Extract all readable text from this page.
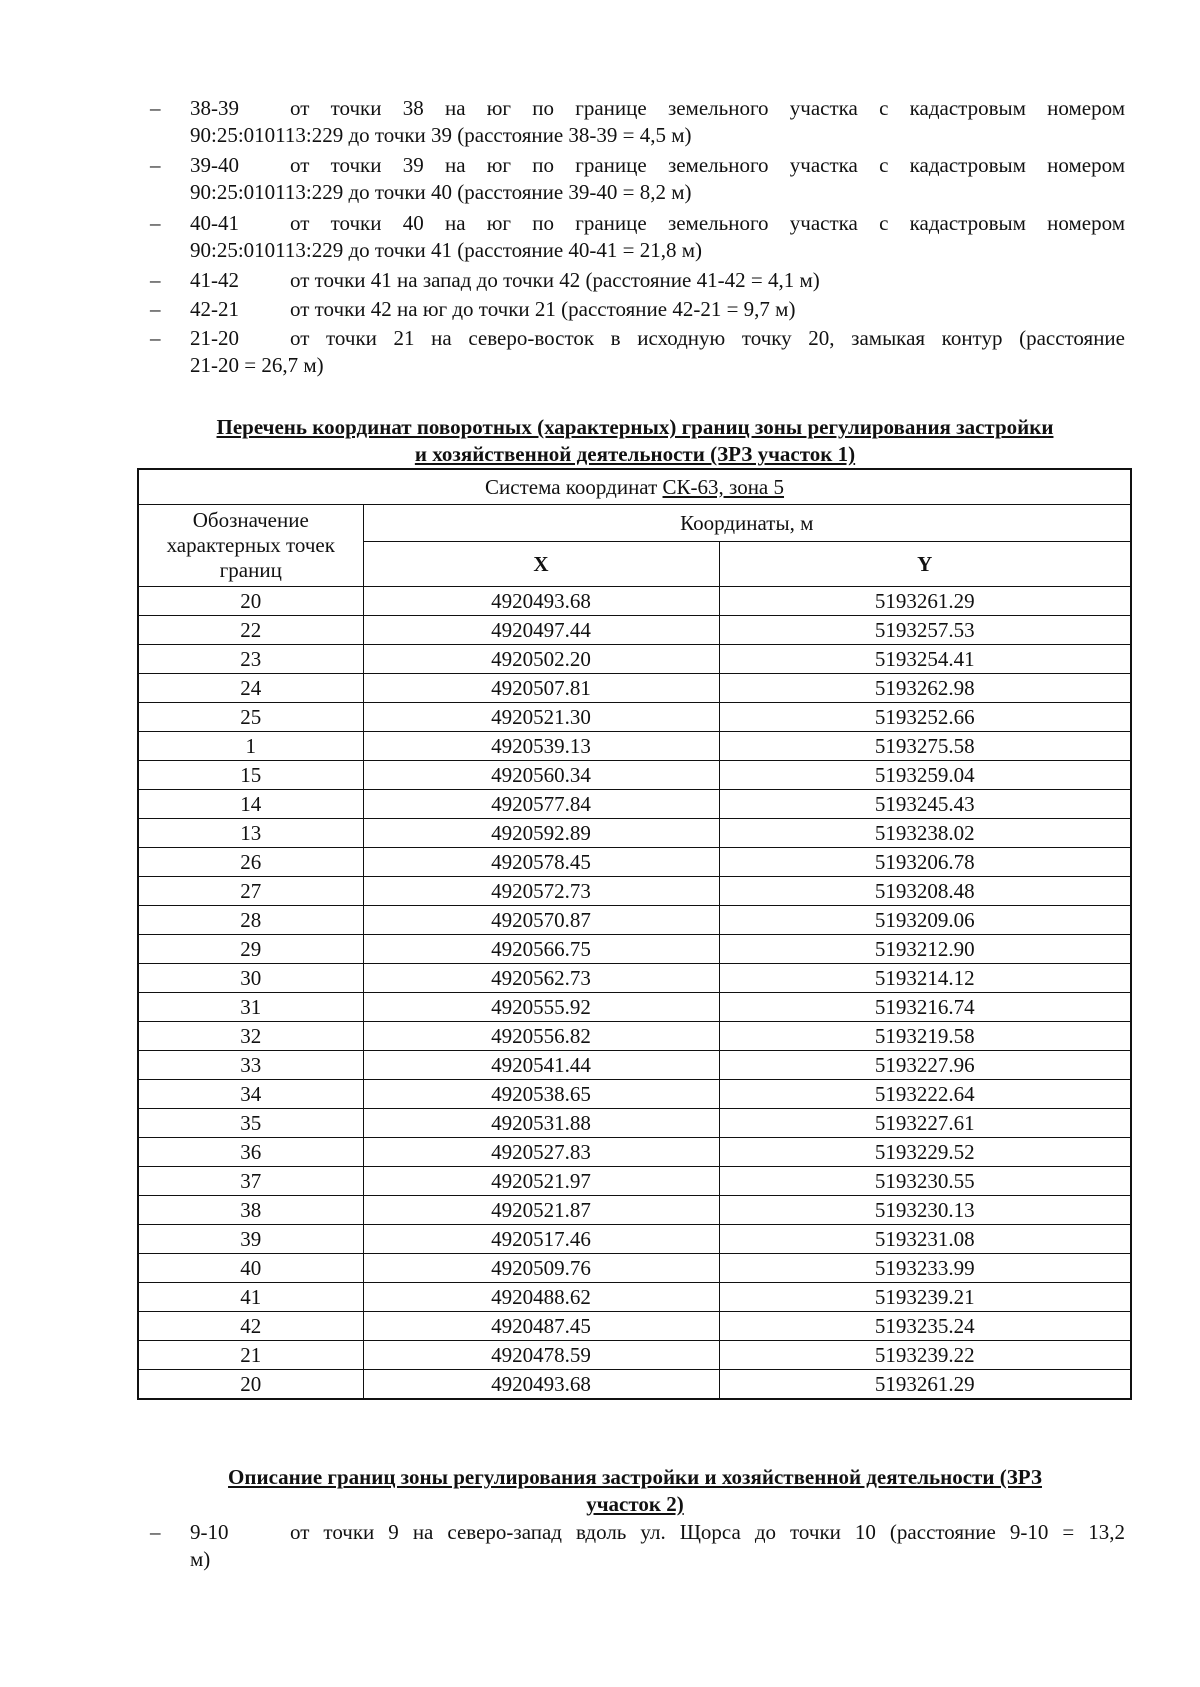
–	38-39	от точки 38 на юг по границе земельного участка с кадастровым номером
90:25:010113:229 до точки 39 (расстояние 38-39 = 4,5 м)
–	39-40	от точки 39 на юг по границе земельного участка с кадастровым номером
90:25:010113:229 до точки 40 (расстояние 39-40 = 8,2 м)
–	40-41	от точки 40 на юг по границе земельного участка с кадастровым номером
90:25:010113:229 до точки 41 (расстояние 40-41 = 21,8 м)
–	41-42	от точки 41 на запад до точки 42 (расстояние 41-42 = 4,1 м)
–	42-21	от точки 42 на юг до точки 21 (расстояние 42-21 = 9,7 м)
–	21-20	от точки 21 на северо-восток в исходную точку 20, замыкая контур (расстояние
21-20 = 26,7 м)
Перечень координат поворотных (характерных) границ зоны регулирования застройки
и хозяйственной деятельности (ЗРЗ участок 1)
Система координат СК-63, зона 5		
Обозначение характерных точек границ	Координаты, м	
	X	Y
20	4920493.68	5193261.29
22	4920497.44	5193257.53
23	4920502.20	5193254.41
24	4920507.81	5193262.98
25	4920521.30	5193252.66
1	4920539.13	5193275.58
15	4920560.34	5193259.04
14	4920577.84	5193245.43
13	4920592.89	5193238.02
26	4920578.45	5193206.78
27	4920572.73	5193208.48
28	4920570.87	5193209.06
29	4920566.75	5193212.90
30	4920562.73	5193214.12
31	4920555.92	5193216.74
32	4920556.82	5193219.58
33	4920541.44	5193227.96
34	4920538.65	5193222.64
35	4920531.88	5193227.61
36	4920527.83	5193229.52
37	4920521.97	5193230.55
38	4920521.87	5193230.13
39	4920517.46	5193231.08
40	4920509.76	5193233.99
41	4920488.62	5193239.21
42	4920487.45	5193235.24
21	4920478.59	5193239.22
20	4920493.68	5193261.29
Описание границ зоны регулирования застройки и хозяйственной деятельности (ЗРЗ
участок 2)
–	9-10	от точки 9 на северо-запад вдоль ул. Щорса до точки 10 (расстояние 9-10 = 13,2
м)
